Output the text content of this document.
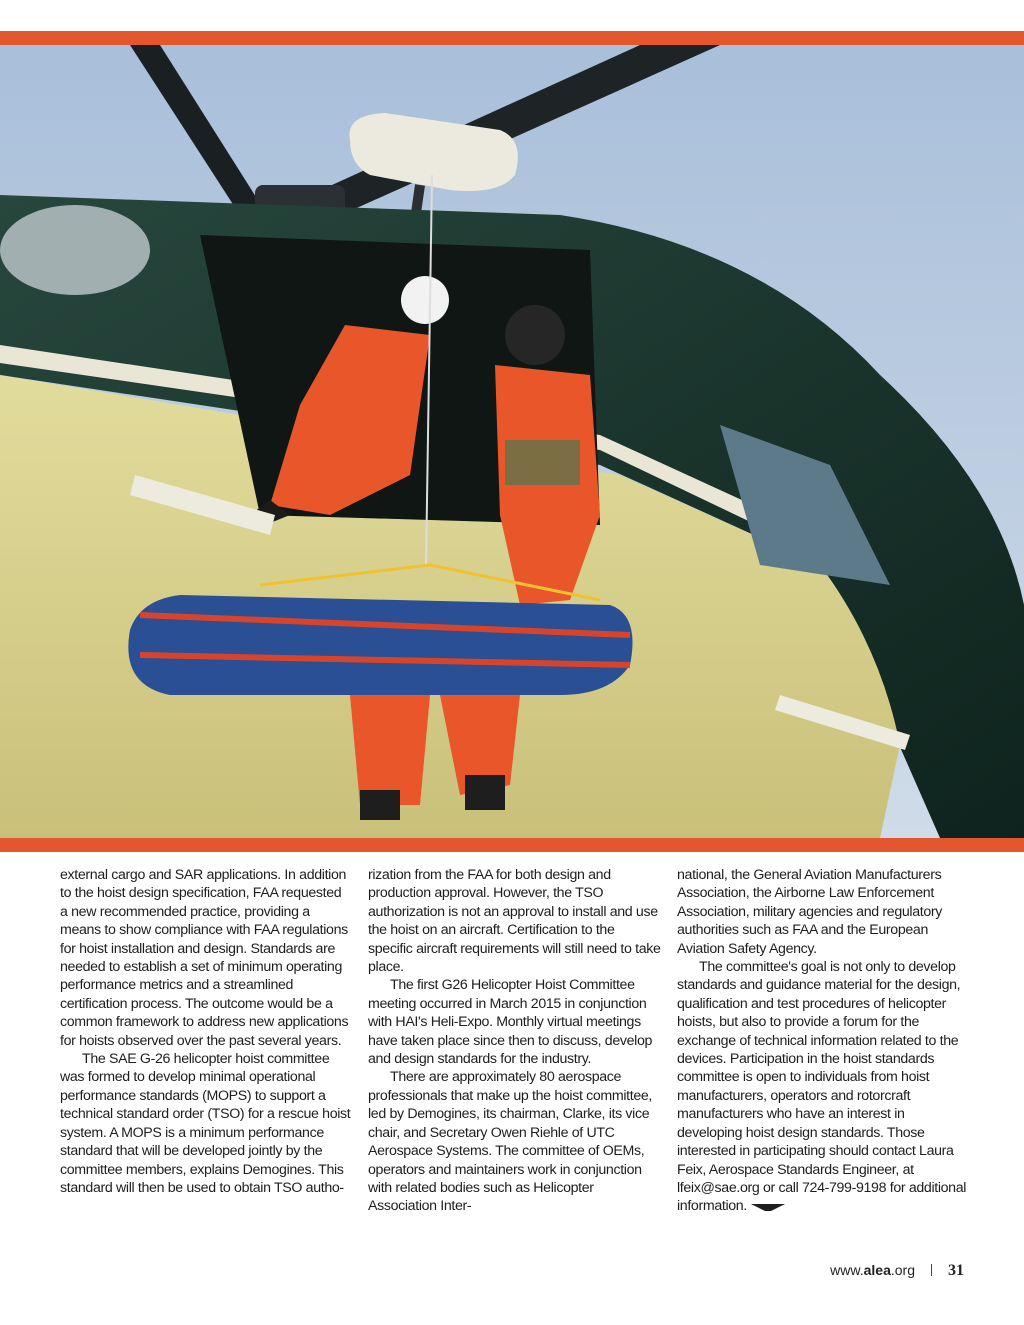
external cargo and SAR applications. In addition to the hoist design specification, FAA requested a new recommended practice, providing a means to show compliance with FAA regulations for hoist installation and design. Standards are needed to establish a set of minimum operating performance metrics and a streamlined certification process. The outcome would be a common framework to address new applications for hoists observed over the past several years.

The SAE G-26 helicopter hoist committee was formed to develop minimal operational performance standards (MOPS) to support a technical standard order (TSO) for a rescue hoist system. A MOPS is a minimum performance standard that will be developed jointly by the committee members, explains Demogines. This standard will then be used to obtain TSO autho-

rization from the FAA for both design and production approval. However, the TSO authorization is not an approval to install and use the hoist on an aircraft. Certification to the specific aircraft requirements will still need to take place.

The first G26 Helicopter Hoist Committee meeting occurred in March 2015 in conjunction with HAI's Heli-Expo. Monthly virtual meetings have taken place since then to discuss, develop and design standards for the industry.

There are approximately 80 aerospace professionals that make up the hoist committee, led by Demogines, its chairman, Clarke, its vice chair, and Secretary Owen Riehle of UTC Aerospace Systems. The committee of OEMs, operators and maintainers work in conjunction with related bodies such as Helicopter Association Inter-

national, the General Aviation Manufacturers Association, the Airborne Law Enforcement Association, military agencies and regulatory authorities such as FAA and the European Aviation Safety Agency.

The committee's goal is not only to develop standards and guidance material for the design, qualification and test procedures of helicopter hoists, but also to provide a forum for the exchange of technical information related to the devices. Participation in the hoist standards committee is open to individuals from hoist manufacturers, operators and rotorcraft manufacturers who have an interest in developing hoist design standards. Those interested in participating should contact Laura Feix, Aerospace Standards Engineer, at lfeix@sae.org or call 724-799-9198 for additional information.

www.alea.org 31
